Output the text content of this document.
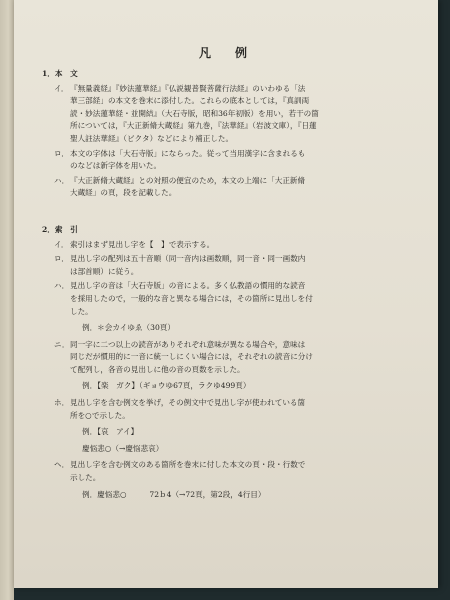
凡　例
1．本　文
イ． 『無量義経』『妙法蓮華経』『仏説観普賢菩薩行法経』のいわゆる「法
華三部経」の本文を巻末に添付した。これらの底本としては，『真訓両
読・妙法蓮華経・並開結』（大石寺版，昭和36年初版）を用い，若干の箇
所については，『大正新脩大蔵経』第九巻，『法華経』（岩波文庫），『日蓮
聖人註法華経』（ビクタ）などにより補正した。
ロ． 本文の字体は「大石寺版」にならった。従って当用漢字に含まれるも
のなどは新字体を用いた。
ハ． 『大正新脩大蔵経』との対照の便宜のため，本文の上端に「大正新脩
大蔵経」の頁，段を記載した。
2．索　引
イ． 索引はまず見出し字を【　】で表示する。
ロ． 見出し字の配列は五十音順（同一音内は画数順，同一音・同一画数内
は部首順）に従う。
ハ． 見出し字の音は「大石寺版」の音による。多く仏教語の慣用的な読音
を採用したので，一般的な音と異なる場合には，その箇所に見出しを付
した。
例．＊会カイゆゑ（30頁）
ニ． 同一字に二つ以上の読音がありそれぞれ意味が異なる場合や，意味は
同じだが慣用的に一音に統一しにくい場合には，それぞれの読音に分け
て配列し，各音の見出しに他の音の頁数を示した。
例．【楽　ガク】（ギョウゆ67頁，ラクゆ499頁）
ホ． 見出し字を含む例文を挙げ，その例文中で見出し字が使われている箇
所を○で示した。
例．【哀　アイ】
慶悩悲○（→慶悩悲哀）
ヘ． 見出し字を含む例文のある箇所を巻末に付した本文の頁・段・行数で
示した。
例．慶悩悲○　　　72ｂ4（→72頁，第2段，4行目）
